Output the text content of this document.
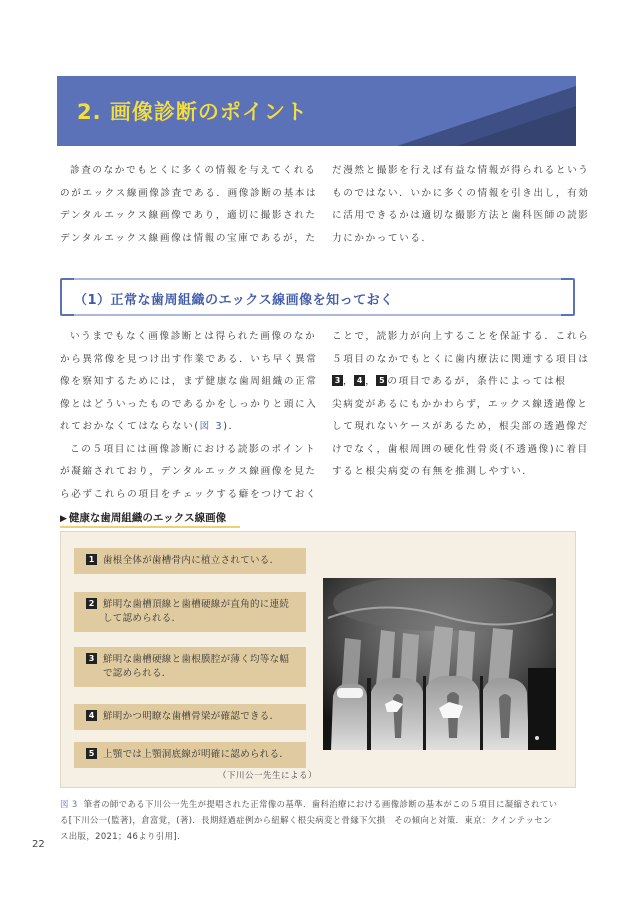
2. 画像診断のポイント
診査のなかでもとくに多くの情報を与えてくれる
のがエックス線画像診査である．画像診断の基本は
デンタルエックス線画像であり，適切に撮影された
デンタルエックス線画像は情報の宝庫であるが，た
だ漫然と撮影を行えば有益な情報が得られるという
ものではない．いかに多くの情報を引き出し，有効
に活用できるかは適切な撮影方法と歯科医師の読影
力にかかっている．
（1）正常な歯周組織のエックス線画像を知っておく
いうまでもなく画像診断とは得られた画像のなか
から異常像を見つけ出す作業である．いち早く異常
像を察知するためには，まず健康な歯周組織の正常
像とはどういったものであるかをしっかりと頭に入
れておかなくてはならない(図 3)．
この５項目には画像診断における読影のポイント
が凝縮されており，デンタルエックス線画像を見た
ら必ずこれらの項目をチェックする癖をつけておく
ことで，読影力が向上することを保証する．これら
５項目のなかでもとくに歯内療法に関連する項目は
3 ， 4 ， 5 の項目であるが，条件によっては根
尖病変があるにもかかわらず，エックス線透過像と
して現れないケースがあるため，根尖部の透過像だ
けでなく，歯根周囲の硬化性骨炎(不透過像)に着目
すると根尖病変の有無を推測しやすい．
▶ 健康な歯周組織のエックス線画像
1 歯根全体が歯槽骨内に植立されている．
2 鮮明な歯槽頂線と歯槽硬線が直角的に連続
して認められる．
3 鮮明な歯槽硬線と歯根膜腔が薄く均等な幅
で認められる．
4 鮮明かつ明瞭な歯槽骨梁が確認できる．
5 上顎では上顎洞底線が明確に認められる．
（下川公一先生による）
図 3 筆者の師である下川公一先生が提唱された正常像の基準．歯科治療における画像診断の基本がこの５項目に凝縮されてい
る[下川公一(監著)，倉富覚，(著)．長期経過症例から紐解く根尖病変と骨縁下欠損　その傾向と対策．東京：クインテッセン
ス出版，2021；46より引用]．
22
